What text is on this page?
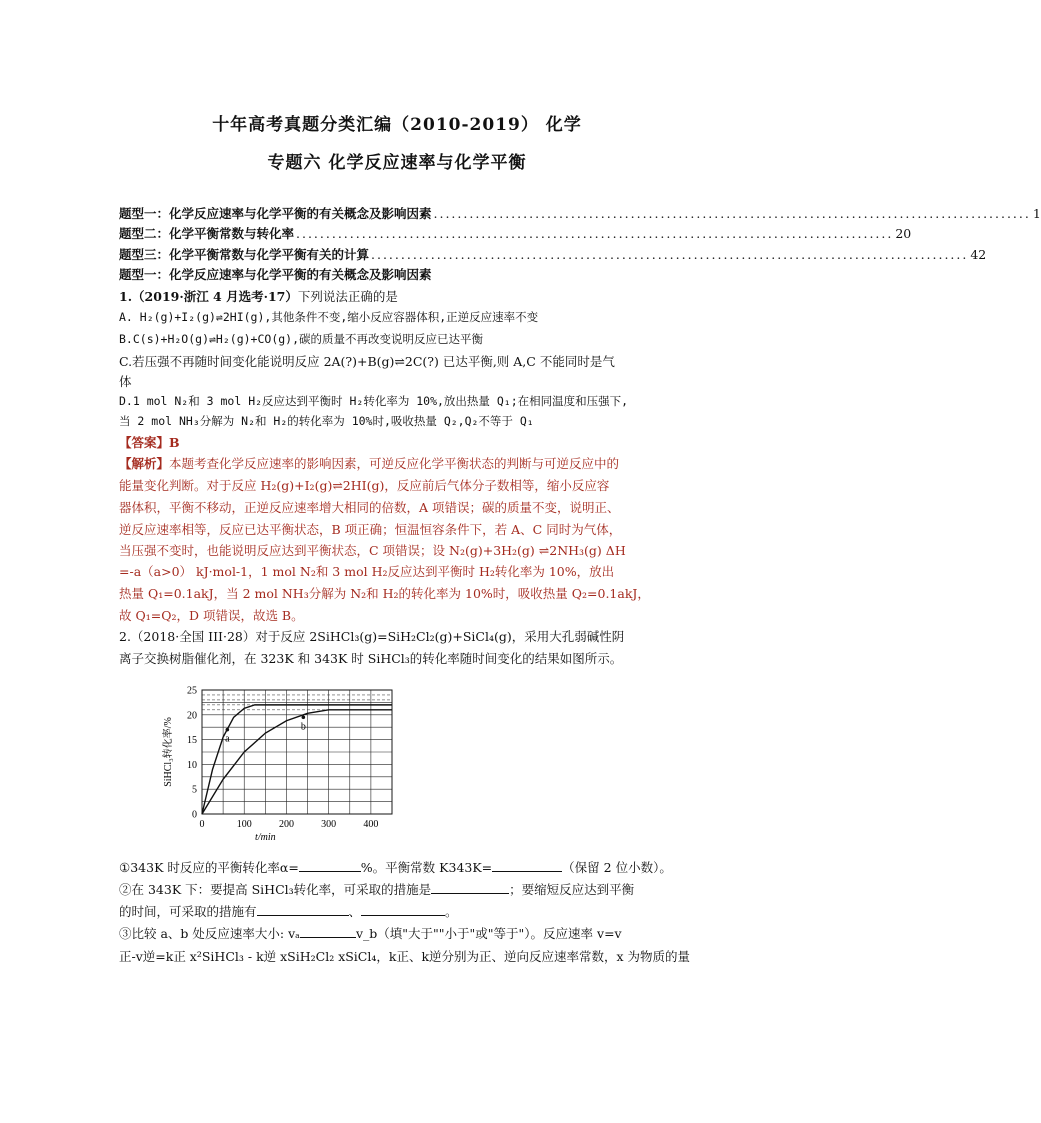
十年高考真题分类汇编（2010-2019） 化学
专题六 化学反应速率与化学平衡
题型一：化学反应速率与化学平衡的有关概念及影响因素 .................................................................................................... 1
题型二：化学平衡常数与转化率 .................................................................................................... 20
题型三：化学平衡常数与化学平衡有关的计算 .................................................................................................... 42
题型一：化学反应速率与化学平衡的有关概念及影响因素
1.（2019·浙江 4 月选考·17）下列说法正确的是
A. H₂(g)+I₂(g)⇌2HI(g),其他条件不变,缩小反应容器体积,正逆反应速率不变
B.C(s)+H₂O(g)⇌H₂(g)+CO(g),碳的质量不再改变说明反应已达平衡
C.若压强不再随时间变化能说明反应 2A(?)+B(g)⇌2C(?) 已达平衡,则 A,C 不能同时是气
体
D.1 mol N₂和 3 mol H₂反应达到平衡时 H₂转化率为 10%,放出热量 Q₁;在相同温度和压强下,
当 2 mol NH₃分解为 N₂和 H₂的转化率为 10%时,吸收热量 Q₂,Q₂不等于 Q₁
【答案】B
【解析】本题考查化学反应速率的影响因素，可逆反应化学平衡状态的判断与可逆反应中的
能量变化判断。对于反应 H₂(g)+I₂(g)⇌2HI(g)，反应前后气体分子数相等，缩小反应容
器体积，平衡不移动，正逆反应速率增大相同的倍数，A 项错误；碳的质量不变，说明正、
逆反应速率相等，反应已达平衡状态，B 项正确；恒温恒容条件下，若 A、C 同时为气体，
当压强不变时，也能说明反应达到平衡状态，C 项错误；设 N₂(g)+3H₂(g) ⇌2NH₃(g) ΔH
=-a（a>0） kJ·mol-1，1 mol N₂和 3 mol H₂反应达到平衡时 H₂转化率为 10%，放出
热量 Q₁=0.1akJ，当 2 mol NH₃分解为 N₂和 H₂的转化率为 10%时，吸收热量 Q₂=0.1akJ，
故 Q₁=Q₂，D 项错误，故选 B。
2.（2018·全国 III·28）对于反应 2SiHCl₃(g)=SiH₂Cl₂(g)+SiCl₄(g)，采用大孔弱碱性阴
离子交换树脂催化剂，在 323K 和 343K 时 SiHCl₃的转化率随时间变化的结果如图所示。
0	100	200	300	400
0
5
10
15
20
25
t/min
SiHCl₃转化率/%	a
b
①343K 时反应的平衡转化率α=	%。平衡常数 K343K=	（保留 2 位小数）。
②在 343K 下：要提高 SiHCl₃转化率，可采取的措施是	；要缩短反应达到平衡
的时间，可采取的措施有	、	。
③比较 a、b 处反应速率大小: vₐ	v_b（填"大于""小于"或"等于"）。反应速率 v=v
正-v逆=k正 x²SiHCl₃ - k逆 xSiH₂Cl₂ xSiCl₄，k正、k逆分别为正、逆向反应速率常数，x 为物质的量
